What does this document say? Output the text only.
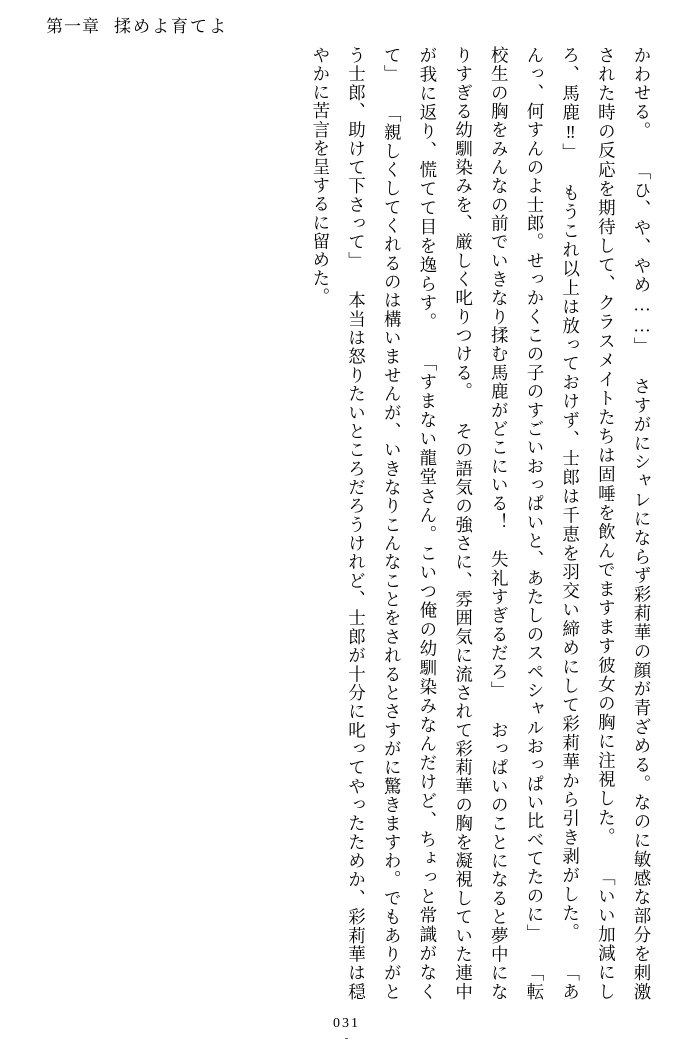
第一章 揉めよ育てよ

かわせる。 「ひ、や、やめ……」 さすがにシャレにならず彩莉華の顔が青ざめる。なのに敏感な部分を刺激された時の反応を期待して、クラスメイトたちは固唾を飲んでますます彼女の胸に注視した。 「いい加減にしろ、馬鹿‼」 もうこれ以上は放っておけず、士郎は千恵を羽交い締めにして彩莉華から引き剥がした。 「あんっ、何すんのよ士郎。せっかくこの子のすごいおっぱいと、あたしのスペシャルおっぱい比べてたのに」 「転校生の胸をみんなの前でいきなり揉む馬鹿がどこにいる！　失礼すぎるだろ」 おっぱいのことになると夢中になりすぎる幼馴染みを、厳しく叱りつける。 その語気の強さに、雰囲気に流されて彩莉華の胸を凝視していた連中が我に返り、慌てて目を逸らす。 「すまない龍堂さん。こいつ俺の幼馴染みなんだけど、ちょっと常識がなくて」 「親しくしてくれるのは構いませんが、いきなりこんなことをされるとさすがに驚きますわ。でもありがとう士郎、助けて下さって」 本当は怒りたいところだろうけれど、士郎が十分に叱ってやったためか、彩莉華は穏やかに苦言を呈するに留めた。

031
-
